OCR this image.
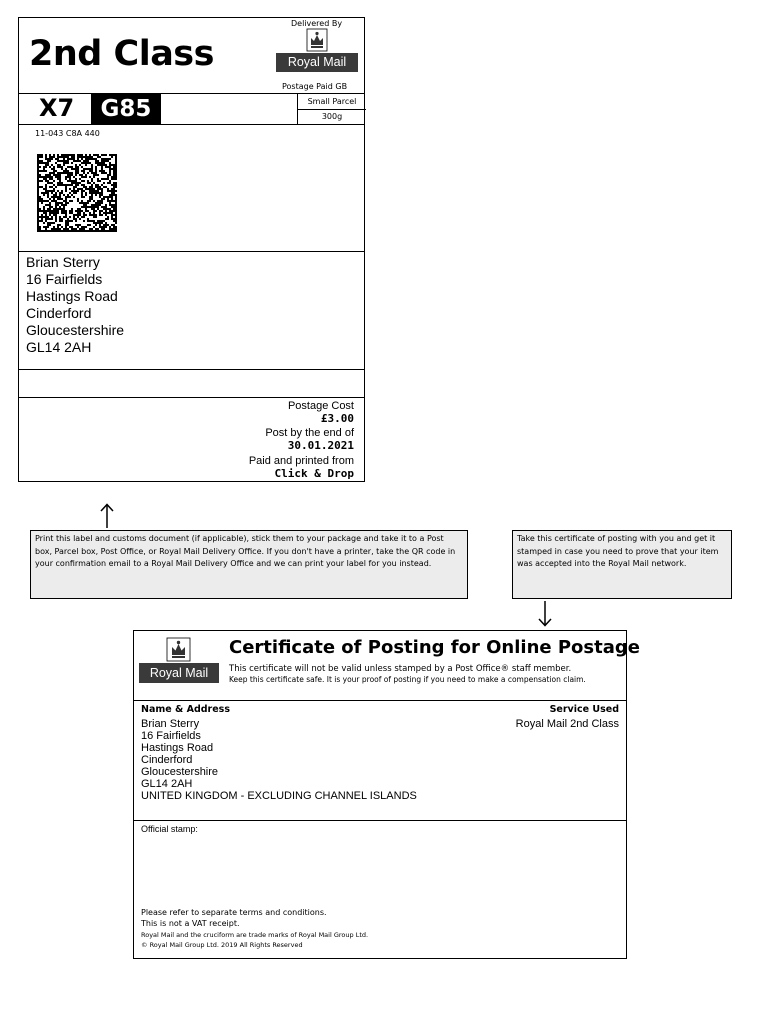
2nd Class
Delivered By
Royal Mail
Postage Paid GB
X7	G85	Small Parcel
300g
11-043 C8A 440
Brian Sterry
16 Fairfields
Hastings Road
Cinderford
Gloucestershire
GL14 2AH
Postage Cost
£3.00
Post by the end of
30.01.2021
Paid and printed from
Click & Drop
Print this label and customs document (if applicable), stick them to your package and take it to a Post box, Parcel box, Post Office, or Royal Mail Delivery Office. If you don't have a printer, take the QR code in your confirmation email to a Royal Mail Delivery Office and we can print your label for you instead.
Take this certificate of posting with you and get it stamped in case you need to prove that your item was accepted into the Royal Mail network.
Royal Mail
Certificate of Posting for Online Postage
This certificate will not be valid unless stamped by a Post Office® staff member.
Keep this certificate safe. It is your proof of posting if you need to make a compensation claim.
Name & Address	Service Used
Royal Mail 2nd Class
Brian Sterry
16 Fairfields
Hastings Road
Cinderford
Gloucestershire
GL14 2AH
UNITED KINGDOM - EXCLUDING CHANNEL ISLANDS
Official stamp:
Please refer to separate terms and conditions.
This is not a VAT receipt.
Royal Mail and the cruciform are trade marks of Royal Mail Group Ltd.
© Royal Mail Group Ltd. 2019 All Rights Reserved
